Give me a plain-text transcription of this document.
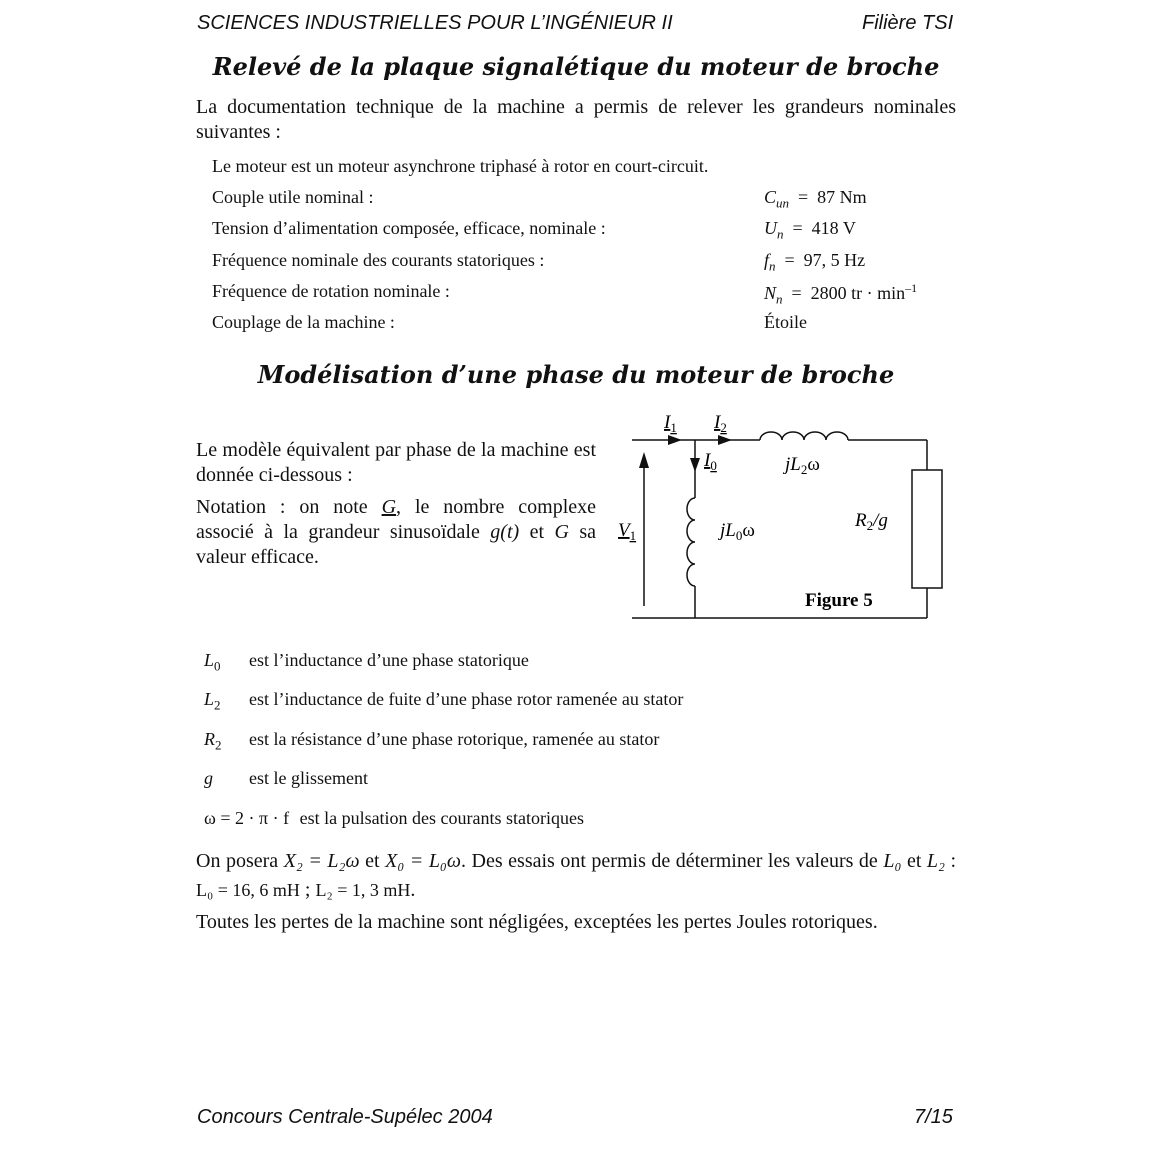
SCIENCES INDUSTRIELLES POUR L’INGÉNIEUR II	Filière TSI
Relevé de la plaque signalétique du moteur de broche
La documentation technique de la machine a permis de relever les grandeurs nominales suivantes :
Le moteur est un moteur asynchrone triphasé à rotor en court-circuit.
Couple utile nominal :	$C_{un} = 87$ Nm
Tension d’alimentation composée, efficace, nominale :	$U_n = 418$ V
Fréquence nominale des courants statoriques :	$f_n = 97$, 5 Hz
Fréquence de rotation nominale :	$N_n = 2800$ tr · $\min^{-1}$
Couplage de la machine :	Étoile
Modélisation d’une phase du moteur de broche
Le modèle équivalent par phase de la machine est donnée ci-dessous :
Notation : on note G, le nombre complexe associé à la grandeur sinusoïdale g(t) et G sa valeur efficace.
$I_1$ $I_2$
$I_0$	$jL_2\omega$
$V_1$	$jL_0\omega$	$R_2/g$
Figure 5
$L_0$	est l’inductance d’une phase statorique
$L_2$	est l’inductance de fuite d’une phase rotor ramenée au stator
$R_2$	est la résistance d’une phase rotorique, ramenée au stator
g	est le glissement
ω = 2 · π · f est la pulsation des courants statoriques
On posera X₂ = L₂ω et X₀ = L₀ω. Des essais ont permis de déterminer les valeurs de L₀ et L₂ : L₀ = 16, 6 mH ; L₂ = 1, 3 mH.
Toutes les pertes de la machine sont négligées, exceptées les pertes Joules rotoriques.
Concours Centrale-Supélec 2004	7/15
